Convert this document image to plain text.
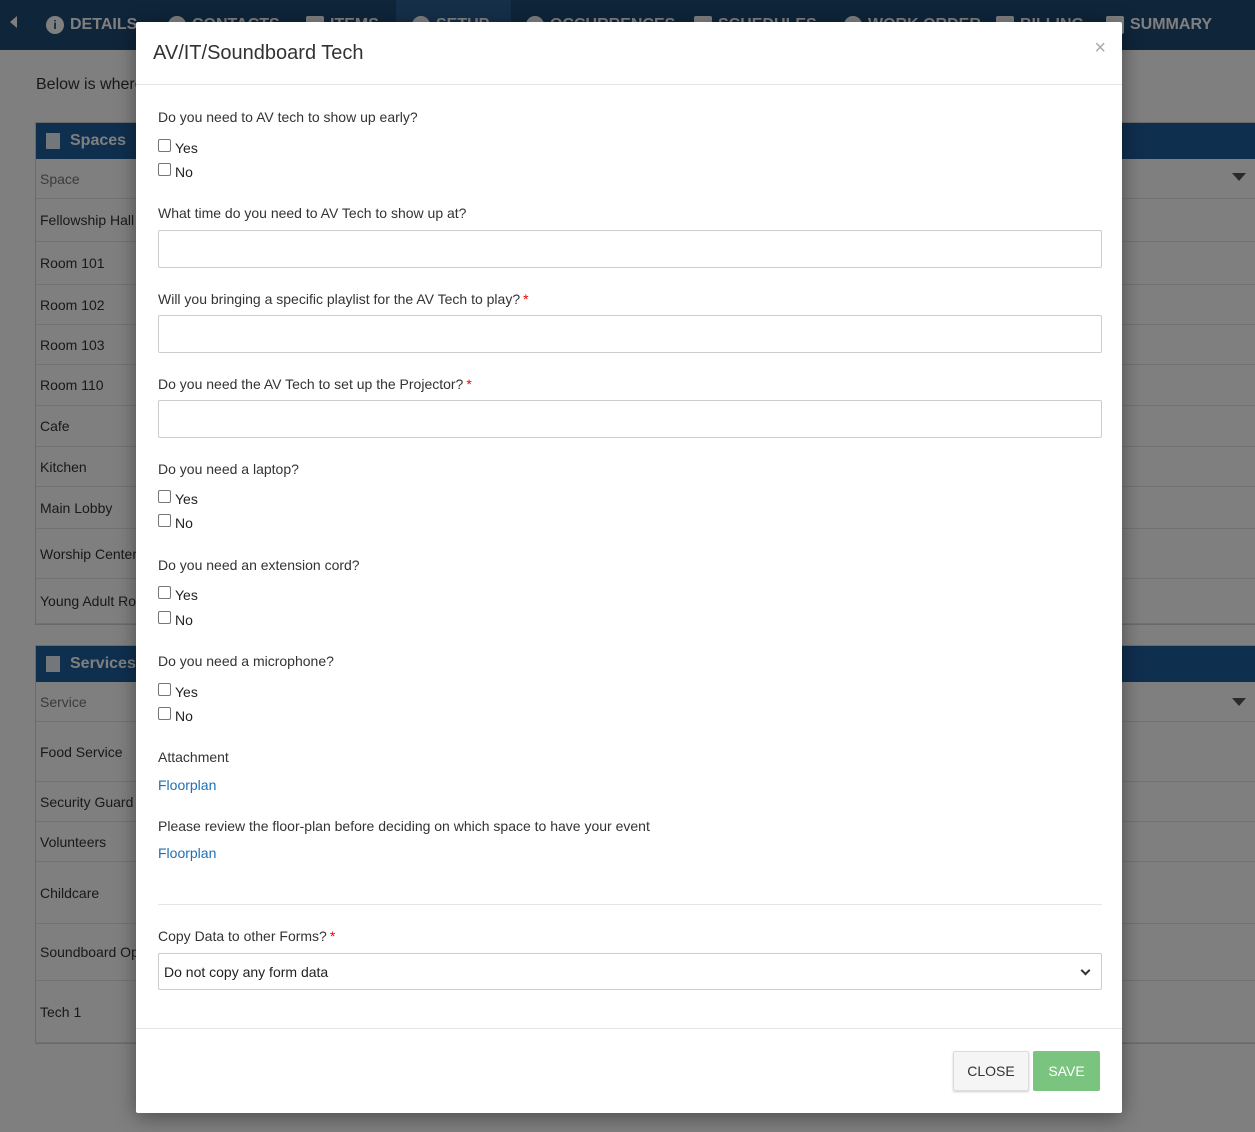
AV/IT/Soundboard Tech	×
Do you need to AV tech to show up early?
Yes
No
What time do you need to AV Tech to show up at?
Will you bringing a specific playlist for the AV Tech to play? *
Do you need the AV Tech to set up the Projector? *
Do you need a laptop?
Yes
No
Do you need an extension cord?
Yes
No
Do you need a microphone?
Yes
No
Attachment
Floorplan
Please review the floor-plan before deciding on which space to have your event
Floorplan
Copy Data to other Forms? *
Do not copy any form data
CLOSE	SAVE
